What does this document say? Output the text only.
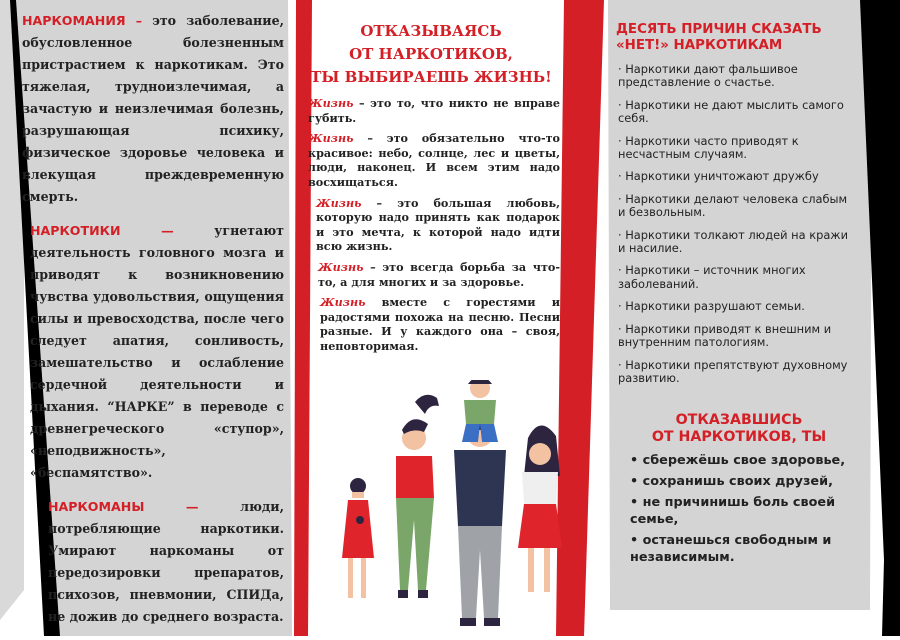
НАРКОМАНИЯ – это заболевание, обусловленное болезненным пристрастием к наркотикам. Это тяжелая, трудноизлечимая, а зачастую и неизлечимая болезнь, разрушающая психику, физическое здоровье человека и влекущая преждевременную смерть.
НАРКОТИКИ — угнетают деятельность головного мозга и приводят к возникновению чувства удовольствия, ощущения силы и превосходства, после чего следует апатия, сонливость, замешательство и ослабление сердечной деятельности и дыхания. “НАРКЕ” в переводе с древнегреческого «ступор», «неподвижность», «беспамятство».
НАРКОМАНЫ — люди, потребляющие наркотики. Умирают наркоманы от передозировки препаратов, психозов, пневмонии, СПИДа, не дожив до среднего возраста.
ОТКАЗЫВАЯСЬ
ОТ НАРКОТИКОВ,
ТЫ ВЫБИРАЕШЬ ЖИЗНЬ!
Жизнь – это то, что никто не вправе губить.
Жизнь – это обязательно что-то красивое: небо, солнце, лес и цветы, люди, наконец. И всем этим надо восхищаться.
Жизнь – это большая любовь, которую надо принять как подарок и это мечта, к которой надо идти всю жизнь.
Жизнь – это всегда борьба за что-то, а для многих и за здоровье.
Жизнь вместе с горестями и радостями похожа на песню. Песни разные. И у каждого она – своя, неповторимая.
ДЕСЯТЬ ПРИЧИН СКАЗАТЬ
«НЕТ!» НАРКОТИКАМ
· Наркотики дают фальшивое представление о счастье.
· Наркотики не дают мыслить самого себя.
· Наркотики часто приводят к несчастным случаям.
· Наркотики уничтожают дружбу
· Наркотики делают человека слабым и безвольным.
· Наркотики толкают людей на кражи и насилие.
· Наркотики – источник многих заболеваний.
· Наркотики разрушают семьи.
· Наркотики приводят к внешним и внутренним патологиям.
· Наркотики препятствуют духовному развитию.
ОТКАЗАВШИСЬ
ОТ НАРКОТИКОВ, ТЫ
• сбережёшь свое здоровье,
• сохранишь своих друзей,
• не причинишь боль своей семье,
• останешься свободным и независимым.
